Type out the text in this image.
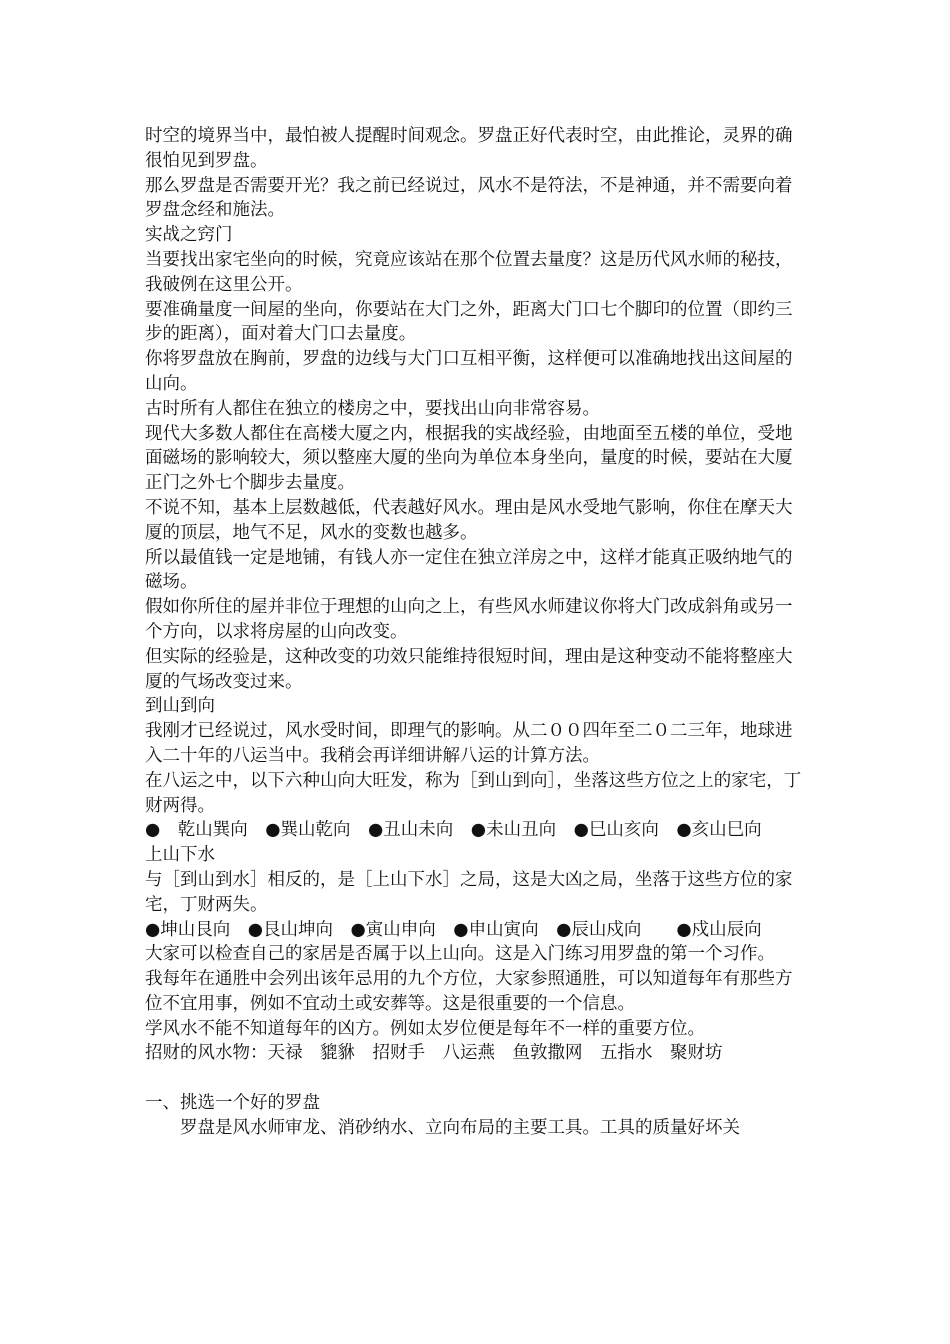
时空的境界当中，最怕被人提醒时间观念。罗盘正好代表时空，由此推论，灵界的确很怕见到罗盘。

那么罗盘是否需要开光？我之前已经说过，风水不是符法，不是神通，并不需要向着罗盘念经和施法。

实战之窍门

当要找出家宅坐向的时候，究竟应该站在那个位置去量度？这是历代风水师的秘技，我破例在这里公开。

要准确量度一间屋的坐向，你要站在大门之外，距离大门口七个脚印的位置（即约三步的距离），面对着大门口去量度。

你将罗盘放在胸前，罗盘的边线与大门口互相平衡，这样便可以准确地找出这间屋的山向。

古时所有人都住在独立的楼房之中，要找出山向非常容易。

现代大多数人都住在高楼大厦之内，根据我的实战经验，由地面至五楼的单位，受地面磁场的影响较大，须以整座大厦的坐向为单位本身坐向，量度的时候，要站在大厦正门之外七个脚步去量度。

不说不知，基本上层数越低，代表越好风水。理由是风水受地气影响，你住在摩天大厦的顶层，地气不足，风水的变数也越多。

所以最值钱一定是地铺，有钱人亦一定住在独立洋房之中，这样才能真正吸纳地气的磁场。

假如你所住的屋并非位于理想的山向之上，有些风水师建议你将大门改成斜角或另一个方向，以求将房屋的山向改变。

但实际的经验是，这种改变的功效只能维持很短时间，理由是这种变动不能将整座大厦的气场改变过来。

到山到向

我刚才已经说过，风水受时间，即理气的影响。从二００四年至二０二三年，地球进入二十年的八运当中。我稍会再详细讲解八运的计算方法。

在八运之中，以下六种山向大旺发，称为［到山到向］，坐落这些方位之上的家宅，丁财两得。

●　乾山巽向　●巽山乾向　●丑山未向　●未山丑向　●巳山亥向　●亥山巳向

上山下水

与［到山到水］相反的，是［上山下水］之局，这是大凶之局，坐落于这些方位的家宅，丁财两失。

●坤山艮向　●艮山坤向　●寅山申向　●申山寅向　●辰山戍向　　●戍山辰向

大家可以检查自己的家居是否属于以上山向。这是入门练习用罗盘的第一个习作。

我每年在通胜中会列出该年忌用的九个方位，大家参照通胜，可以知道每年有那些方位不宜用事，例如不宜动土或安葬等。这是很重要的一个信息。

学风水不能不知道每年的凶方。例如太岁位便是每年不一样的重要方位。

招财的风水物：天禄　貔貅　招财手　八运燕　鱼敦撒网　五指水　聚财坊

一、挑选一个好的罗盘

罗盘是风水师审龙、消砂纳水、立向布局的主要工具。工具的质量好坏关
